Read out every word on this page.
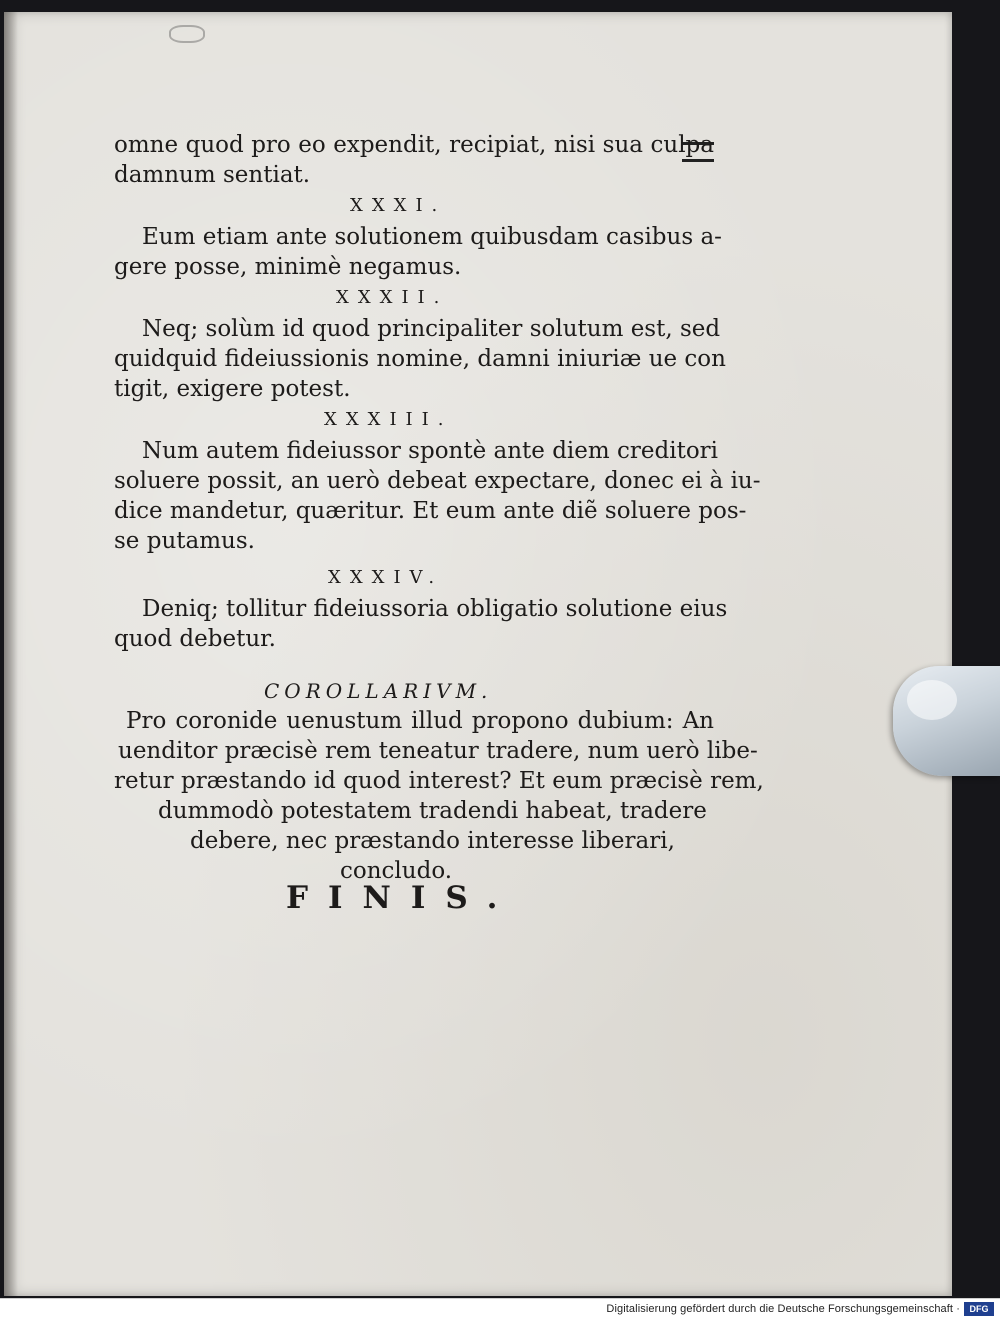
omne quod pro eo expendit, recipiat, nisi sua culpa
damnum sentiat.
XXXI.
Eum etiam ante solutionem quibusdam casibus a-
gere posse, minimè negamus.
XXXII.
Neq; solùm id quod principaliter solutum est, sed
quidquid fideiussionis nomine, damni iniuriæ ue con
tigit, exigere potest.
XXXIII.
Num autem fideiussor spontè ante diem creditori
soluere possit, an uerò debeat expectare, donec ei à iu-
dice mandetur, quæritur. Et eum ante diẽ soluere pos-
se putamus.
XXXIV.
Deniq; tollitur fideiussoria obligatio solutione eius
quod debetur.
COROLLARIVM.
Pro coronide uenustum illud propono dubium: An
uenditor præcisè rem teneatur tradere, num uerò libe-
retur præstando id quod interest? Et eum præcisè rem,
dummodò potestatem tradendi habeat, tradere
debere, nec præstando interesse liberari,
concludo.
FINIS.
Digitalisierung gefördert durch die Deutsche Forschungsgemeinschaft ·	DFG
